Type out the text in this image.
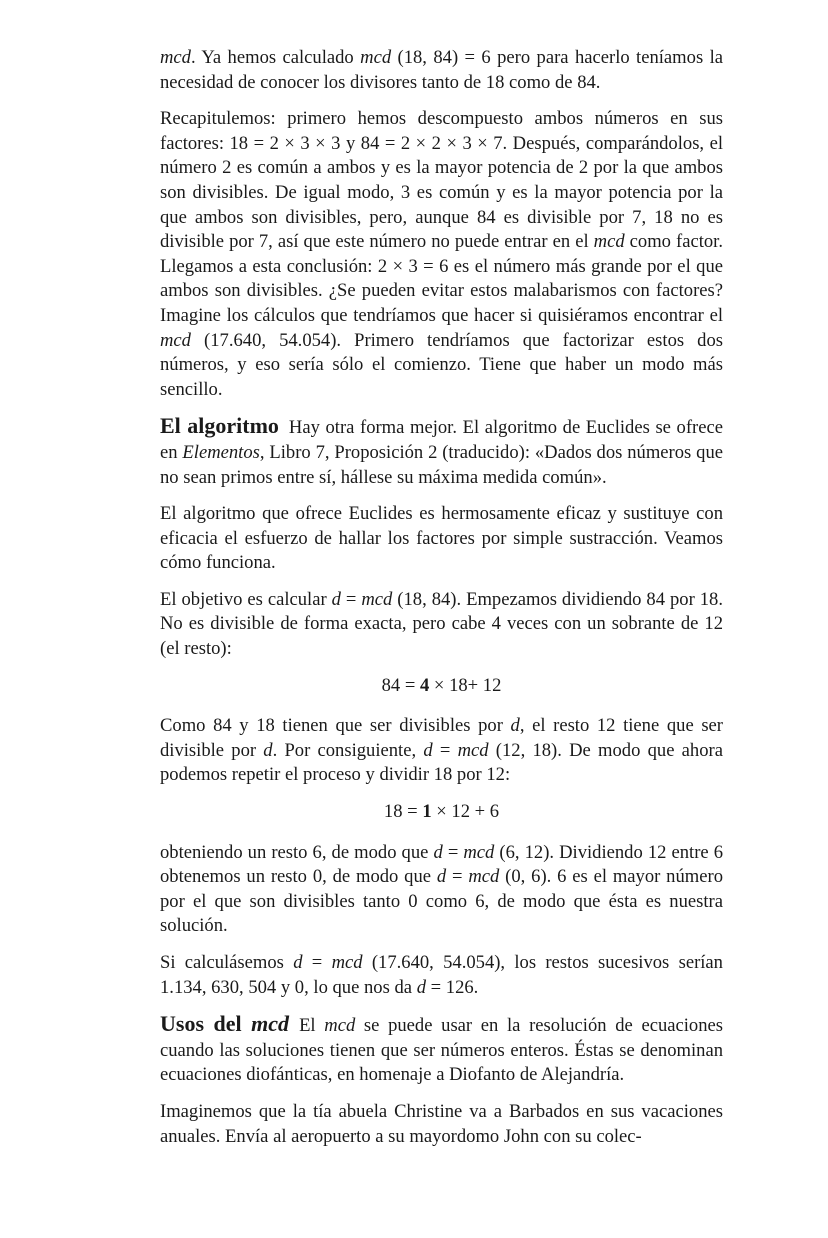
mcd. Ya hemos calculado mcd (18, 84) = 6 pero para hacerlo teníamos la necesidad de conocer los divisores tanto de 18 como de 84.

Recapitulemos: primero hemos descompuesto ambos números en sus factores: 18 = 2 × 3 × 3 y 84 = 2 × 2 × 3 × 7. Después, comparándolos, el número 2 es común a ambos y es la mayor potencia de 2 por la que ambos son divisibles. De igual modo, 3 es común y es la mayor potencia por la que ambos son divisibles, pero, aunque 84 es divisible por 7, 18 no es divisible por 7, así que este número no puede entrar en el mcd como factor. Llegamos a esta conclusión: 2 × 3 = 6 es el número más grande por el que ambos son divisibles. ¿Se pueden evitar estos malabarismos con factores? Imagine los cálculos que tendríamos que hacer si quisiéramos encontrar el mcd (17.640, 54.054). Primero tendríamos que factorizar estos dos números, y eso sería sólo el comienzo. Tiene que haber un modo más sencillo.

El algoritmo Hay otra forma mejor. El algoritmo de Euclides se ofrece en Elementos, Libro 7, Proposición 2 (traducido): «Dados dos números que no sean primos entre sí, hállese su máxima medida común».

El algoritmo que ofrece Euclides es hermosamente eficaz y sustituye con eficacia el esfuerzo de hallar los factores por simple sustracción. Veamos cómo funciona.

El objetivo es calcular d = mcd (18, 84). Empezamos dividiendo 84 por 18. No es divisible de forma exacta, pero cabe 4 veces con un sobrante de 12 (el resto):

84 = 4 × 18+ 12

Como 84 y 18 tienen que ser divisibles por d, el resto 12 tiene que ser divisible por d. Por consiguiente, d = mcd (12, 18). De modo que ahora podemos repetir el proceso y dividir 18 por 12:

18 = 1 × 12 + 6

obteniendo un resto 6, de modo que d = mcd (6, 12). Dividiendo 12 entre 6 obtenemos un resto 0, de modo que d = mcd (0, 6). 6 es el mayor número por el que son divisibles tanto 0 como 6, de modo que ésta es nuestra solución.

Si calculásemos d = mcd (17.640, 54.054), los restos sucesivos serían 1.134, 630, 504 y 0, lo que nos da d = 126.

Usos del mcd El mcd se puede usar en la resolución de ecuaciones cuando las soluciones tienen que ser números enteros. Éstas se denominan ecuaciones diofánticas, en homenaje a Diofanto de Alejandría.

Imaginemos que la tía abuela Christine va a Barbados en sus vacaciones anuales. Envía al aeropuerto a su mayordomo John con su colec-
